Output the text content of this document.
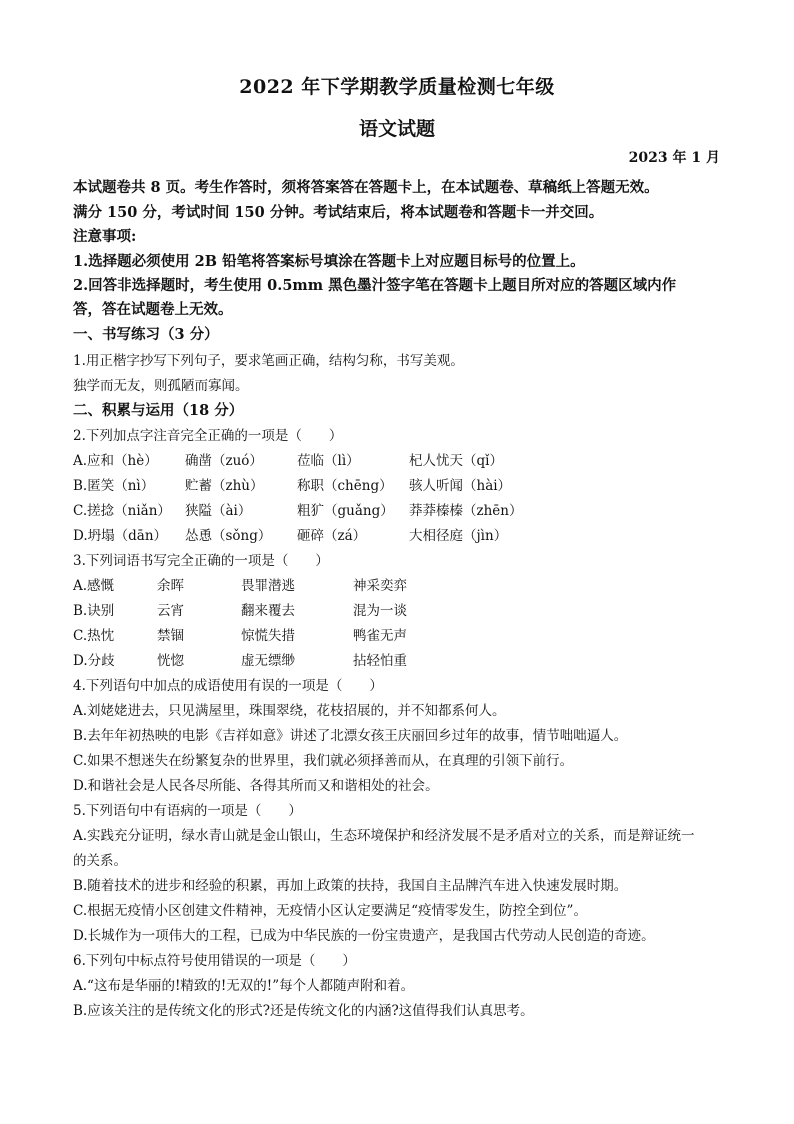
2022 年下学期教学质量检测七年级
语文试题
2023 年 1 月
本试题卷共 8 页。考生作答时，须将答案答在答题卡上，在本试题卷、草稿纸上答题无效。
满分 150 分，考试时间 150 分钟。考试结束后，将本试题卷和答题卡一并交回。
注意事项:
1.选择题必须使用 2B 铅笔将答案标号填涂在答题卡上对应题目标号的位置上。
2.回答非选择题时，考生使用 0.5mm 黑色墨汁签字笔在答题卡上题目所对应的答题区域内作
答，答在试题卷上无效。
一、书写练习（3 分）
1.用正楷字抄写下列句子，要求笔画正确，结构匀称，书写美观。
独学而无友，则孤陋而寡闻。
二、积累与运用（18 分）
2.下列加点字注音完全正确的一项是（　　）
A.应和（hè） 确凿（zuó）	莅临（lì）	杞人忧天（qǐ）
B.匿笑（nì） 贮蓄（zhù） 称职（chēng） 骇人听闻（hài）
C.搓捻（niǎn） 狭隘（ài）	粗犷（guǎng） 莽莽榛榛（zhēn）
D.坍塌（dān） 怂恿（sǒng） 砸碎（zá）	大相径庭（jìn）
3.下列词语书写完全正确的一项是（　　）
A.感慨	余晖	畏罪潜逃	神采奕弈
B.诀别	云宵	翻来覆去	混为一谈
C.热忱	禁锢	惊慌失措	鸭雀无声
D.分歧	恍惚	虚无缥缈	拈轻怕重
4.下列语句中加点的成语使用有误的一项是（　　）
A.刘姥姥进去，只见满屋里，珠围翠绕，花枝招展的，并不知都系何人。
B.去年年初热映的电影《吉祥如意》讲述了北漂女孩王庆丽回乡过年的故事，情节咄咄逼人。
C.如果不想迷失在纷繁复杂的世界里，我们就必须择善而从，在真理的引领下前行。
D.和谐社会是人民各尽所能、各得其所而又和谐相处的社会。
5.下列语句中有语病的一项是（　　）
A.实践充分证明，绿水青山就是金山银山，生态环境保护和经济发展不是矛盾对立的关系，而是辩证统一
的关系。
B.随着技术的进步和经验的积累，再加上政策的扶持，我国自主品牌汽车进入快速发展时期。
C.根据无疫情小区创建文件精神，无疫情小区认定要满足“疫情零发生，防控全到位”。
D.长城作为一项伟大的工程，已成为中华民族的一份宝贵遗产，是我国古代劳动人民创造的奇迹。
6.下列句中标点符号使用错误的一项是（　　）
A.“这布是华丽的!精致的!无双的!”每个人都随声附和着。
B.应该关注的是传统文化的形式?还是传统文化的内涵?这值得我们认真思考。
